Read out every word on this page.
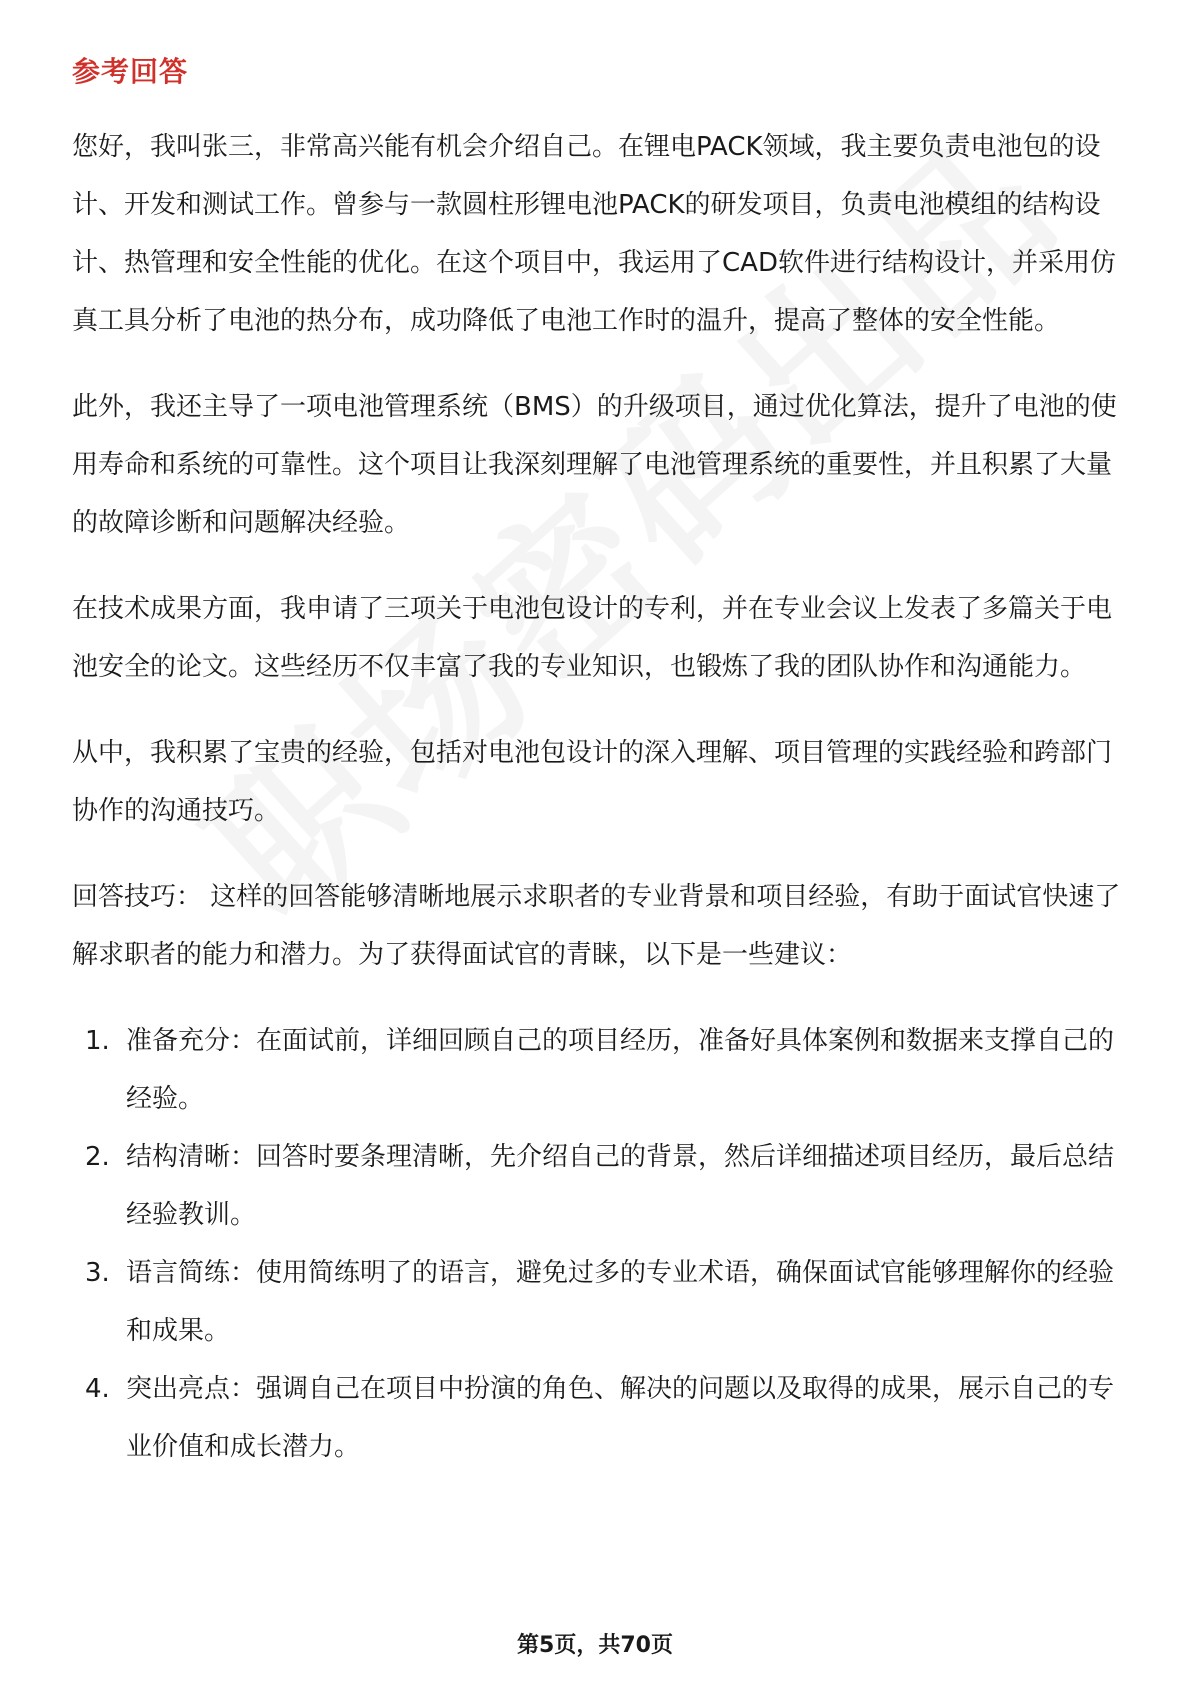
参考回答

您好，我叫张三，非常高兴能有机会介绍自己。在锂电PACK领域，我主要负责电池包的设计、开发和测试工作。曾参与一款圆柱形锂电池PACK的研发项目，负责电池模组的结构设计、热管理和安全性能的优化。在这个项目中，我运用了CAD软件进行结构设计，并采用仿真工具分析了电池的热分布，成功降低了电池工作时的温升，提高了整体的安全性能。

此外，我还主导了一项电池管理系统（BMS）的升级项目，通过优化算法，提升了电池的使用寿命和系统的可靠性。这个项目让我深刻理解了电池管理系统的重要性，并且积累了大量的故障诊断和问题解决经验。

在技术成果方面，我申请了三项关于电池包设计的专利，并在专业会议上发表了多篇关于电池安全的论文。这些经历不仅丰富了我的专业知识，也锻炼了我的团队协作和沟通能力。

从中，我积累了宝贵的经验，包括对电池包设计的深入理解、项目管理的实践经验和跨部门协作的沟通技巧。

回答技巧： 这样的回答能够清晰地展示求职者的专业背景和项目经验，有助于面试官快速了解求职者的能力和潜力。为了获得面试官的青睐，以下是一些建议：

1. 准备充分：在面试前，详细回顾自己的项目经历，准备好具体案例和数据来支撑自己的经验。
2. 结构清晰：回答时要条理清晰，先介绍自己的背景，然后详细描述项目经历，最后总结经验教训。
3. 语言简练：使用简练明了的语言，避免过多的专业术语，确保面试官能够理解你的经验和成果。
4. 突出亮点：强调自己在项目中扮演的角色、解决的问题以及取得的成果，展示自己的专业价值和成长潜力。
第5页，共70页
